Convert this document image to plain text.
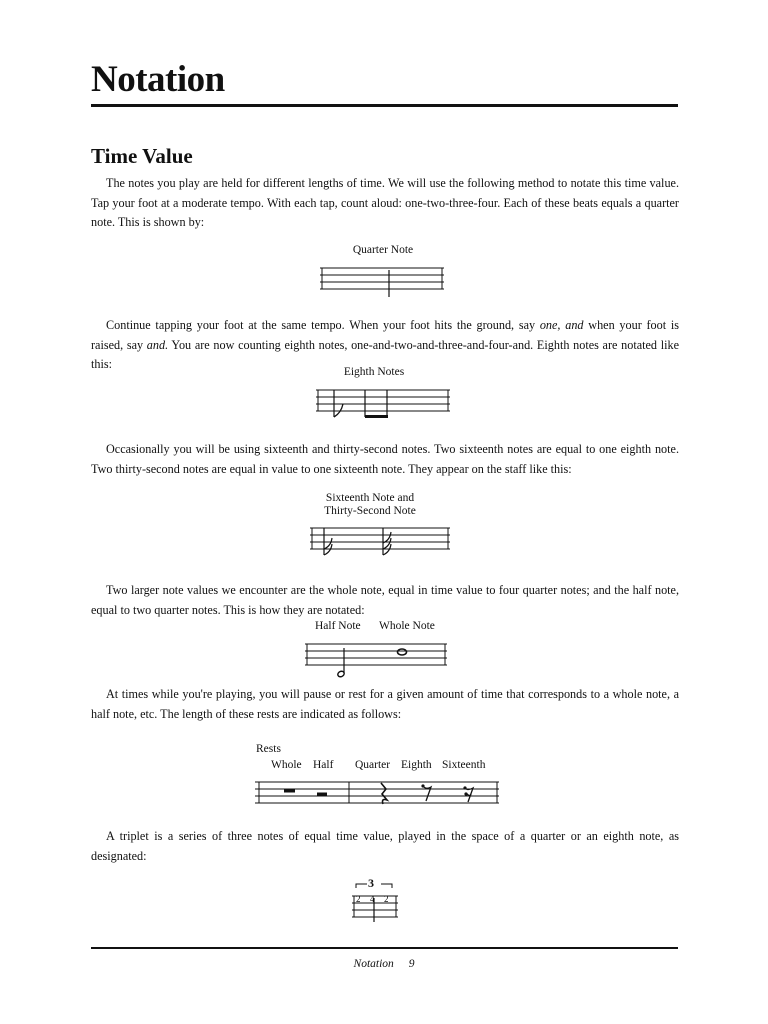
Notation
Time Value

The notes you play are held for different lengths of time. We will use the following method to notate this time value. Tap your foot at a moderate tempo. With each tap, count aloud: one-two-three-four. Each of these beats equals a quarter note. This is shown by:

Quarter Note

Continue tapping your foot at the same tempo. When your foot hits the ground, say one, and when your foot is raised, say and. You are now counting eighth notes, one-and-two-and-three-and-four-and. Eighth notes are notated like this:

Eighth Notes

Occasionally you will be using sixteenth and thirty-second notes. Two sixteenth notes are equal to one eighth note. Two thirty-second notes are equal in value to one sixteenth note. They appear on the staff like this:

Sixteenth Note and
Thirty-Second Note

Two larger note values we encounter are the whole note, equal in time value to four quarter notes; and the half note, equal to two quarter notes. This is how they are notated:

Half Note Whole Note

At times while you're playing, you will pause or rest for a given amount of time that corresponds to a whole note, a half note, etc. The length of these rests are indicated as follows:

Rests
Whole Half Quarter Eighth Sixteenth

A triplet is a series of three notes of equal time value, played in the space of a quarter or an eighth note, as designated:

3
2 4 2
Notation 9
